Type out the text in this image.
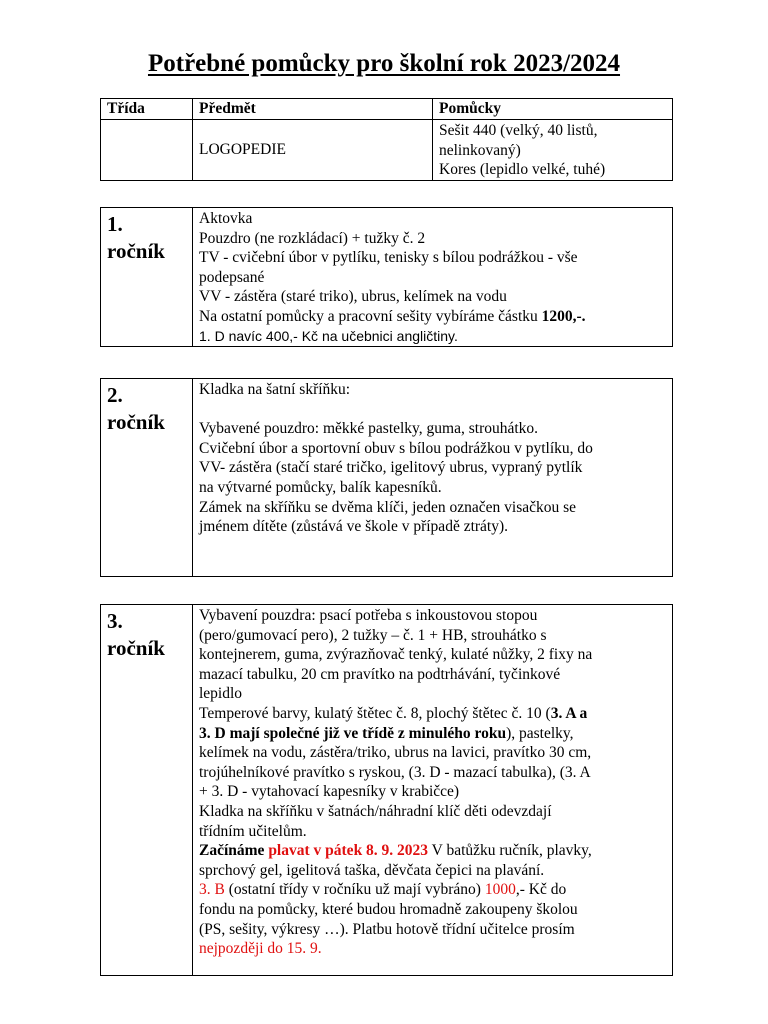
Potřebné pomůcky pro školní rok 2023/2024
Třída	Předmět	Pomůcky

	LOGOPEDIE	Sešit 440 (velký, 40 listů,
nelinkovaný)
Kores (lepidlo velké, tuhé)
1.
ročník

Aktovka
Pouzdro (ne rozkládací) + tužky č. 2
TV - cvičební úbor v pytlíku, tenisky s bílou podrážkou - vše
podepsané
VV - zástěra (staré triko), ubrus, kelímek na vodu
Na ostatní pomůcky a pracovní sešity vybíráme částku 1200,-.
1. D navíc 400,- Kč na učebnici angličtiny.
2.
ročník

Kladka na šatní skříňku:
Vybavené pouzdro: měkké pastelky, guma, strouhátko.
Cvičební úbor a sportovní obuv s bílou podrážkou v pytlíku, do
VV- zástěra (stačí staré tričko, igelitový ubrus, vypraný pytlík
na výtvarné pomůcky, balík kapesníků.
Zámek na skříňku se dvěma klíči, jeden označen visačkou se
jménem dítěte (zůstává ve škole v případě ztráty).
3.
ročník

Vybavení pouzdra: psací potřeba s inkoustovou stopou
(pero/gumovací pero), 2 tužky – č. 1 + HB, strouhátko s
kontejnerem, guma, zvýrazňovač tenký, kulaté nůžky, 2 fixy na
mazací tabulku, 20 cm pravítko na podtrhávání, tyčinkové
lepidlo
Temperové barvy, kulatý štětec č. 8, plochý štětec č. 10 (3. A a
3. D mají společné již ve třídě z minulého roku), pastelky,
kelímek na vodu, zástěra/triko, ubrus na lavici, pravítko 30 cm,
trojúhelníkové pravítko s ryskou, (3. D - mazací tabulka), (3. A
+ 3. D - vytahovací kapesníky v krabičce)
Kladka na skříňku v šatnách/náhradní klíč děti odevzdají
třídním učitelům.
Začínáme plavat v pátek 8. 9. 2023 V batůžku ručník, plavky,
sprchový gel, igelitová taška, děvčata čepici na plavání.
3. B (ostatní třídy v ročníku už mají vybráno) 1000,- Kč do
fondu na pomůcky, které budou hromadně zakoupeny školou
(PS, sešity, výkresy …). Platbu hotově třídní učitelce prosím
nejpozději do 15. 9.
